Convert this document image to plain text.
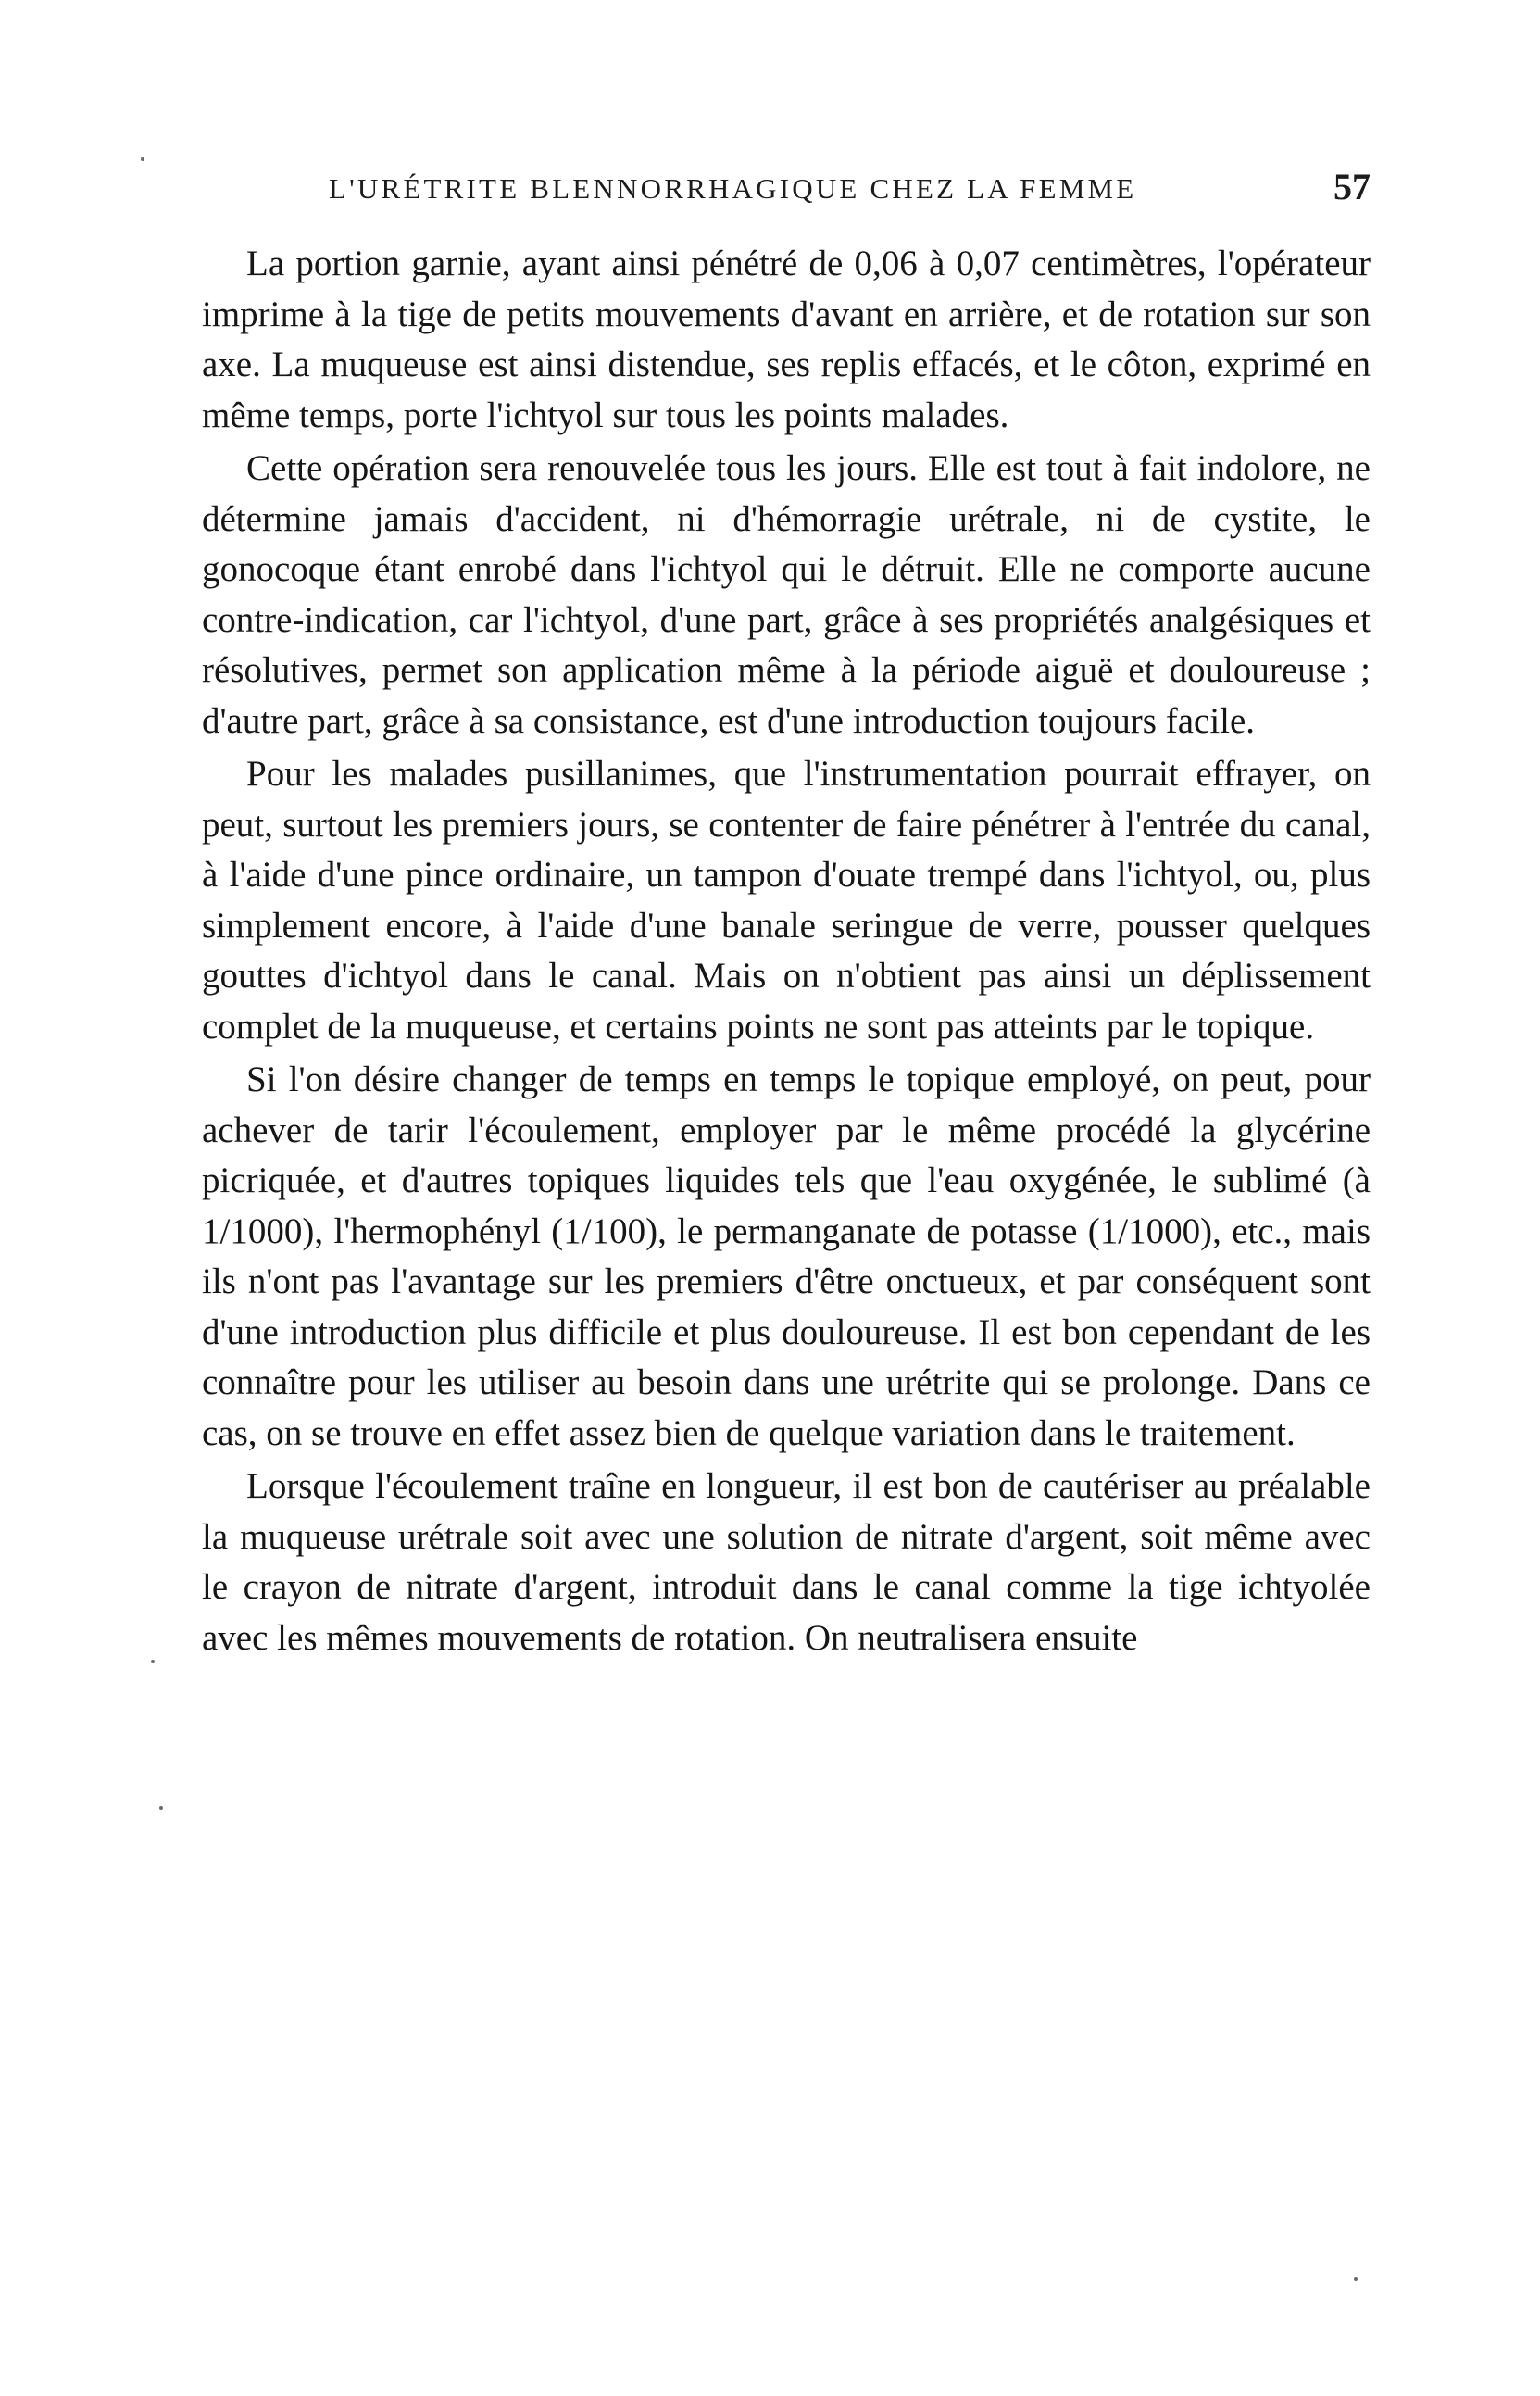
L'URÉTRITE BLENNORRHAGIQUE CHEZ LA FEMME	57

La portion garnie, ayant ainsi pénétré de 0,06 à 0,07 centimètres, l'opérateur imprime à la tige de petits mouvements d'avant en arrière, et de rotation sur son axe. La muqueuse est ainsi distendue, ses replis effacés, et le côton, exprimé en même temps, porte l'ichtyol sur tous les points malades.

Cette opération sera renouvelée tous les jours. Elle est tout à fait indolore, ne détermine jamais d'accident, ni d'hémorragie urétrale, ni de cystite, le gonocoque étant enrobé dans l'ichtyol qui le détruit. Elle ne comporte aucune contre-indication, car l'ichtyol, d'une part, grâce à ses propriétés analgésiques et résolutives, permet son application même à la période aiguë et douloureuse ; d'autre part, grâce à sa consistance, est d'une introduction toujours facile.

Pour les malades pusillanimes, que l'instrumentation pourrait effrayer, on peut, surtout les premiers jours, se contenter de faire pénétrer à l'entrée du canal, à l'aide d'une pince ordinaire, un tampon d'ouate trempé dans l'ichtyol, ou, plus simplement encore, à l'aide d'une banale seringue de verre, pousser quelques gouttes d'ichtyol dans le canal. Mais on n'obtient pas ainsi un déplissement complet de la muqueuse, et certains points ne sont pas atteints par le topique.

Si l'on désire changer de temps en temps le topique employé, on peut, pour achever de tarir l'écoulement, employer par le même procédé la glycérine picriquée, et d'autres topiques liquides tels que l'eau oxygénée, le sublimé (à 1/1000), l'hermophényl (1/100), le permanganate de potasse (1/1000), etc., mais ils n'ont pas l'avantage sur les premiers d'être onctueux, et par conséquent sont d'une introduction plus difficile et plus douloureuse. Il est bon cependant de les connaître pour les utiliser au besoin dans une urétrite qui se prolonge. Dans ce cas, on se trouve en effet assez bien de quelque variation dans le traitement.

Lorsque l'écoulement traîne en longueur, il est bon de cautériser au préalable la muqueuse urétrale soit avec une solution de nitrate d'argent, soit même avec le crayon de nitrate d'argent, introduit dans le canal comme la tige ichtyolée avec les mêmes mouvements de rotation. On neutralisera ensuite
